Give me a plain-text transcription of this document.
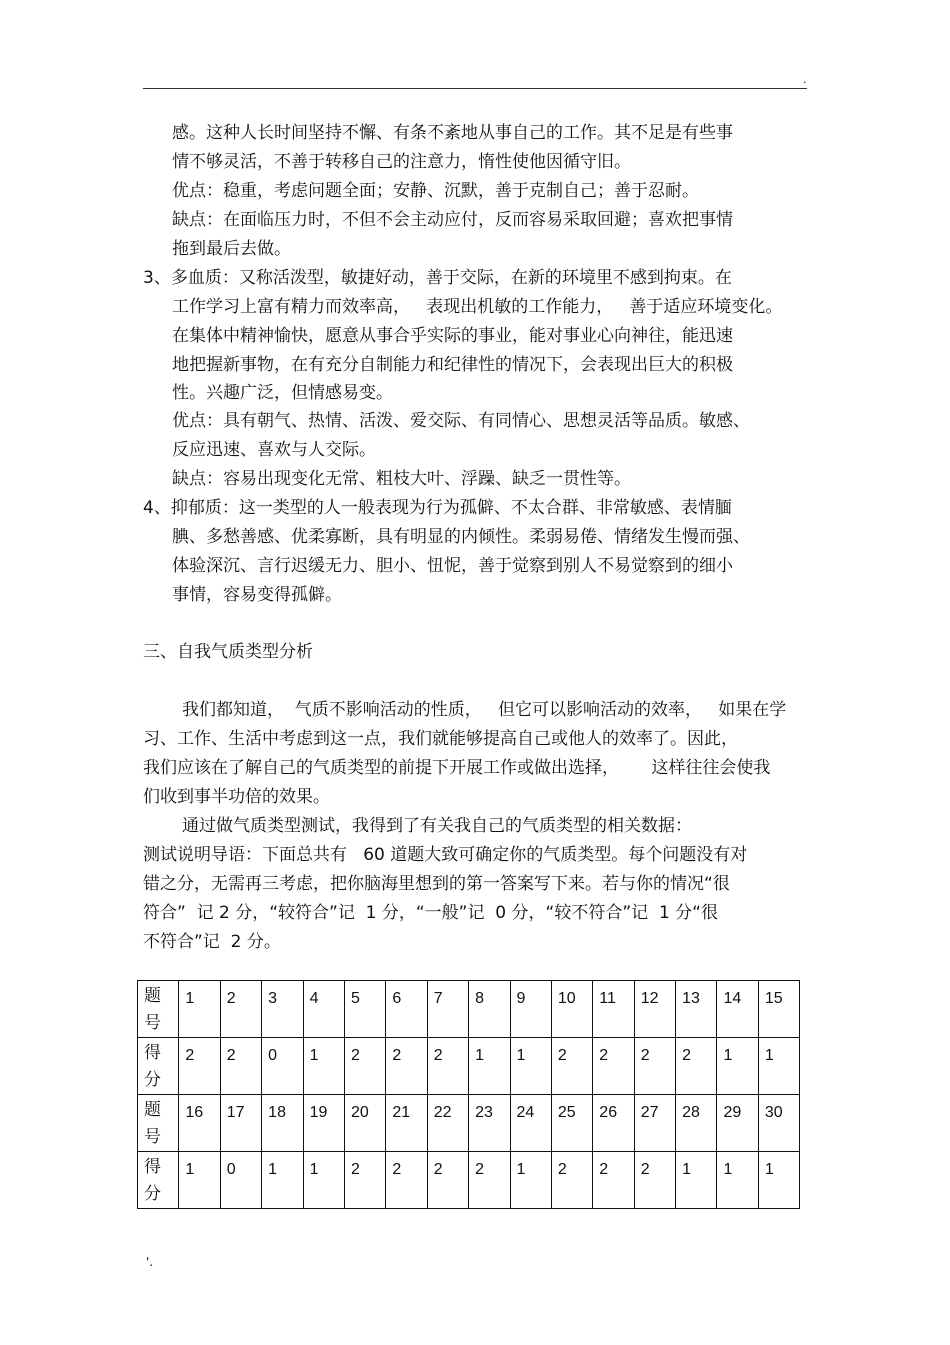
.
感。这种人长时间坚持不懈、有条不紊地从事自己的工作。其不足是有些事
情不够灵活，不善于转移自己的注意力，惰性使他因循守旧。
优点：稳重，考虑问题全面；安静、沉默，善于克制自己；善于忍耐。
缺点：在面临压力时，不但不会主动应付，反而容易采取回避；喜欢把事情
拖到最后去做。
3、多血质：又称活泼型，敏捷好动，善于交际，在新的环境里不感到拘束。在
工作学习上富有精力而效率高，   表现出机敏的工作能力，   善于适应环境变化。
在集体中精神愉快，愿意从事合乎实际的事业，能对事业心向神往，能迅速
地把握新事物，在有充分自制能力和纪律性的情况下，会表现出巨大的积极
性。兴趣广泛，但情感易变。
优点：具有朝气、热情、活泼、爱交际、有同情心、思想灵活等品质。敏感、
反应迅速、喜欢与人交际。
缺点：容易出现变化无常、粗枝大叶、浮躁、缺乏一贯性等。
4、抑郁质：这一类型的人一般表现为行为孤僻、不太合群、非常敏感、表情腼
腆、多愁善感、优柔寡断，具有明显的内倾性。柔弱易倦、情绪发生慢而强、
体验深沉、言行迟缓无力、胆小、忸怩，善于觉察到别人不易觉察到的细小
事情，容易变得孤僻。
三、自我气质类型分析
我们都知道，  气质不影响活动的性质，   但它可以影响活动的效率，   如果在学
习、工作、生活中考虑到这一点，我们就能够提高自己或他人的效率了。因此，
我们应该在了解自己的气质类型的前提下开展工作或做出选择，      这样往往会使我
们收到事半功倍的效果。
通过做气质类型测试，我得到了有关我自己的气质类型的相关数据：
测试说明导语：下面总共有   60 道题大致可确定你的气质类型。每个问题没有对
错之分，无需再三考虑，把你脑海里想到的第一答案写下来。若与你的情况“很
符合”  记 2 分，“较符合”记  1 分，“一般”记  0 分，“较不符合”记  1 分“很
不符合”记  2 分。
题
号	1	2	3	4	5	6	7	8	9	10	11	12	13	14	15
得
分	2	2	0	1	2	2	2	1	1	2	2	2	2	1	1
题
号	16	17	18	19	20	21	22	23	24	25	26	27	28	29	30
得
分	1	0	1	1	2	2	2	2	1	2	2	2	1	1	1
'.
